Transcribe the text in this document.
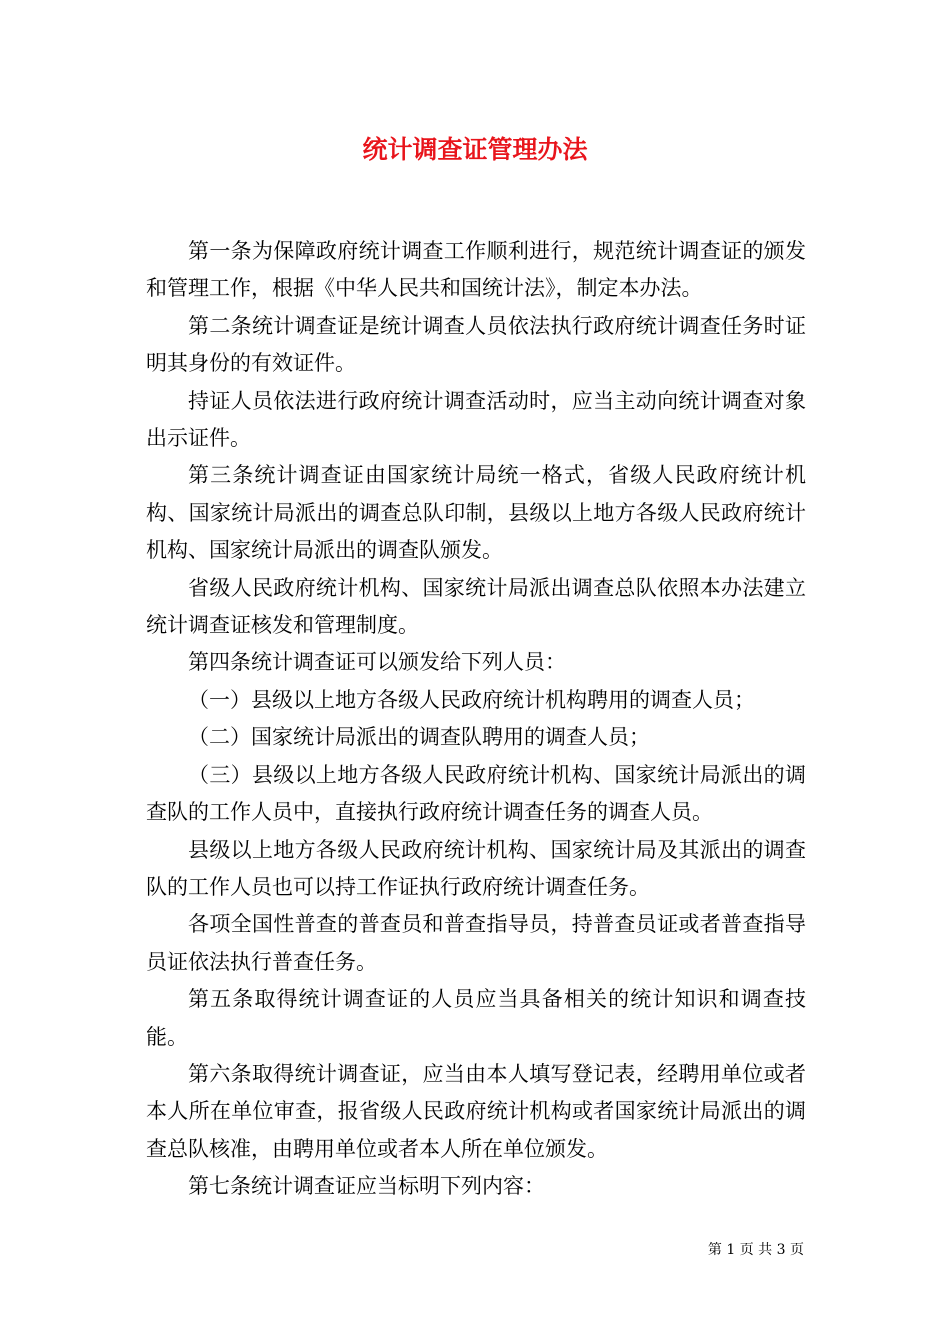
统计调查证管理办法

第一条为保障政府统计调查工作顺利进行，规范统计调查证的颁发和管理工作，根据《中华人民共和国统计法》，制定本办法。

第二条统计调查证是统计调查人员依法执行政府统计调查任务时证明其身份的有效证件。

持证人员依法进行政府统计调查活动时，应当主动向统计调查对象出示证件。

第三条统计调查证由国家统计局统一格式，省级人民政府统计机构、国家统计局派出的调查总队印制，县级以上地方各级人民政府统计机构、国家统计局派出的调查队颁发。

省级人民政府统计机构、国家统计局派出调查总队依照本办法建立统计调查证核发和管理制度。

第四条统计调查证可以颁发给下列人员：

（一）县级以上地方各级人民政府统计机构聘用的调查人员；

（二）国家统计局派出的调查队聘用的调查人员；

（三）县级以上地方各级人民政府统计机构、国家统计局派出的调查队的工作人员中，直接执行政府统计调查任务的调查人员。

县级以上地方各级人民政府统计机构、国家统计局及其派出的调查队的工作人员也可以持工作证执行政府统计调查任务。

各项全国性普查的普查员和普查指导员，持普查员证或者普查指导员证依法执行普查任务。

第五条取得统计调查证的人员应当具备相关的统计知识和调查技能。

第六条取得统计调查证，应当由本人填写登记表，经聘用单位或者本人所在单位审查，报省级人民政府统计机构或者国家统计局派出的调查总队核准，由聘用单位或者本人所在单位颁发。

第七条统计调查证应当标明下列内容：

第 1 页 共 3 页
